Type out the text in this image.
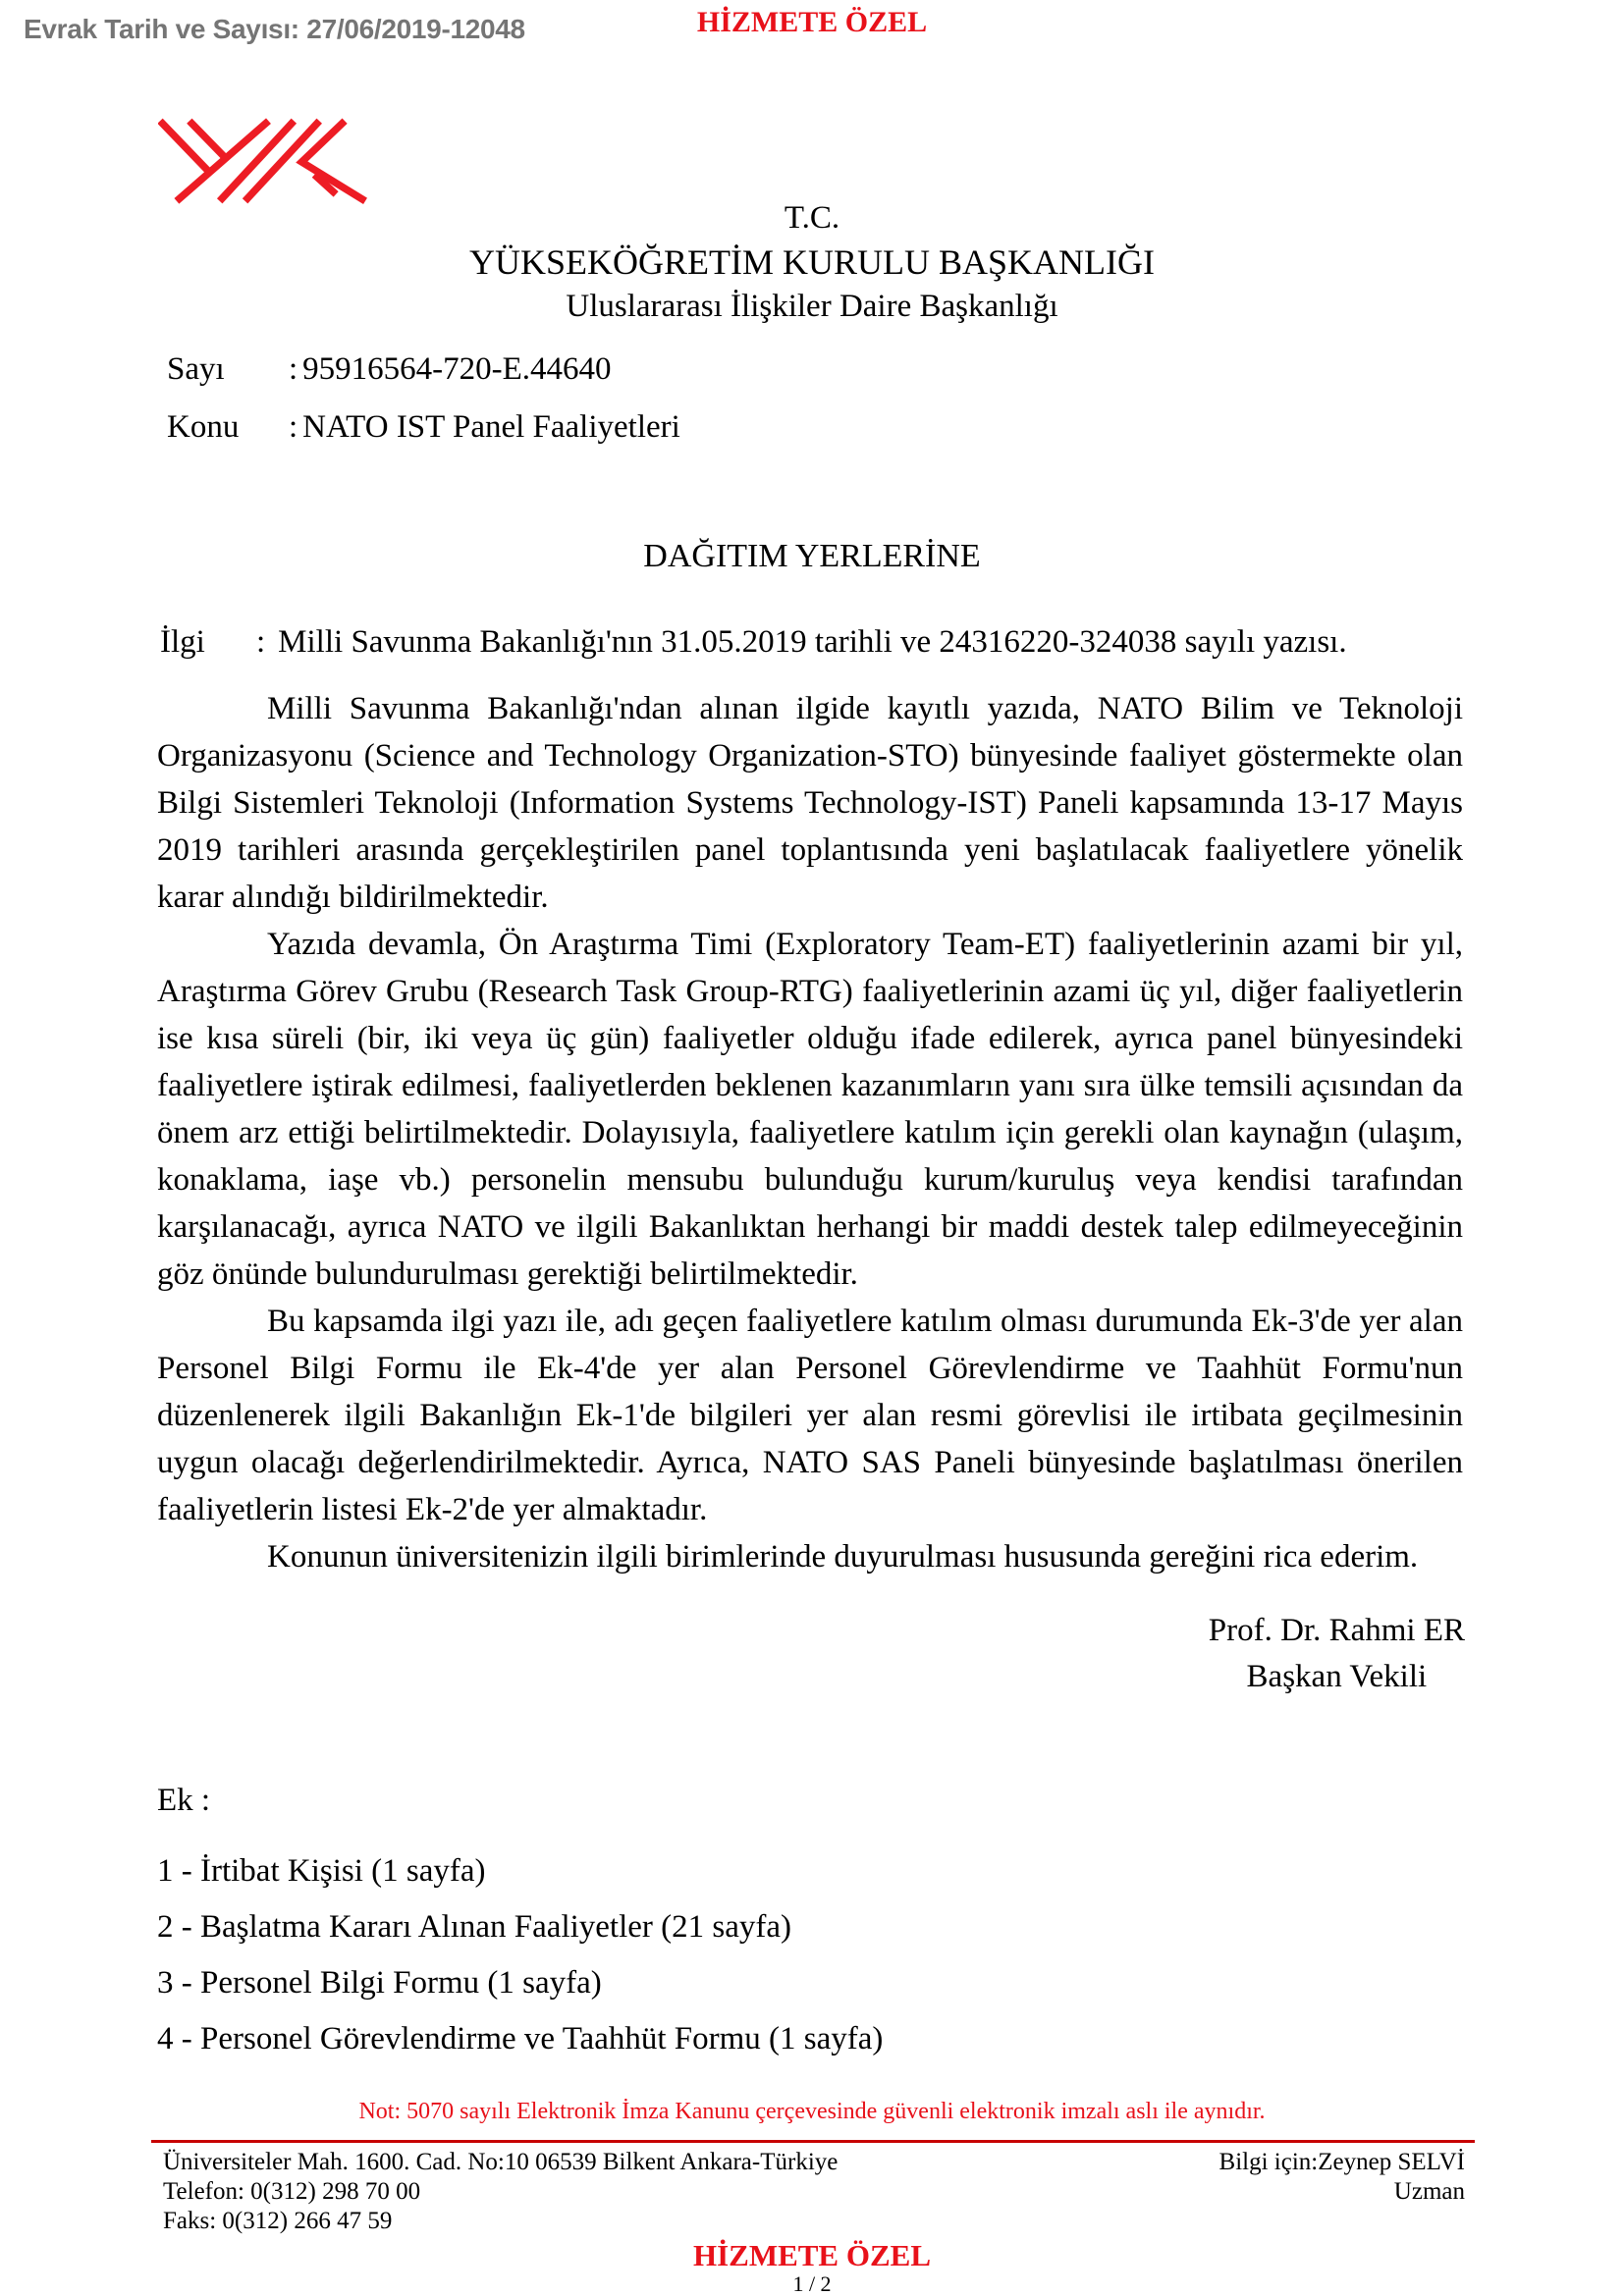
Evrak Tarih ve Sayısı: 27/06/2019-12048	HİZMETE ÖZEL
T.C.
YÜKSEKÖĞRETİM KURULU BAŞKANLIĞI
Uluslararası İlişkiler Daire Başkanlığı
Sayı : 95916564-720-E.44640
Konu : NATO IST Panel Faaliyetleri
DAĞITIM YERLERİNE
İlgi : Milli Savunma Bakanlığı'nın 31.05.2019 tarihli ve 24316220-324038 sayılı yazısı.

Milli Savunma Bakanlığı'ndan alınan ilgide kayıtlı yazıda, NATO Bilim ve Teknoloji Organizasyonu (Science and Technology Organization-STO) bünyesinde faaliyet göstermekte olan Bilgi Sistemleri Teknoloji (Information Systems Technology-IST) Paneli kapsamında 13-17 Mayıs 2019 tarihleri arasında gerçekleştirilen panel toplantısında yeni başlatılacak faaliyetlere yönelik karar alındığı bildirilmektedir.

Yazıda devamla, Ön Araştırma Timi (Exploratory Team-ET) faaliyetlerinin azami bir yıl, Araştırma Görev Grubu (Research Task Group-RTG) faaliyetlerinin azami üç yıl, diğer faaliyetlerin ise kısa süreli (bir, iki veya üç gün) faaliyetler olduğu ifade edilerek, ayrıca panel bünyesindeki faaliyetlere iştirak edilmesi, faaliyetlerden beklenen kazanımların yanı sıra ülke temsili açısından da önem arz ettiği belirtilmektedir. Dolayısıyla, faaliyetlere katılım için gerekli olan kaynağın (ulaşım, konaklama, iaşe vb.) personelin mensubu bulunduğu kurum/kuruluş veya kendisi tarafından karşılanacağı, ayrıca NATO ve ilgili Bakanlıktan herhangi bir maddi destek talep edilmeyeceğinin göz önünde bulundurulması gerektiği belirtilmektedir.

Bu kapsamda ilgi yazı ile, adı geçen faaliyetlere katılım olması durumunda Ek-3'de yer alan Personel Bilgi Formu ile Ek-4'de yer alan Personel Görevlendirme ve Taahhüt Formu'nun düzenlenerek ilgili Bakanlığın Ek-1'de bilgileri yer alan resmi görevlisi ile irtibata geçilmesinin uygun olacağı değerlendirilmektedir. Ayrıca, NATO SAS Paneli bünyesinde başlatılması önerilen faaliyetlerin listesi Ek-2'de yer almaktadır.

Konunun üniversitenizin ilgili birimlerinde duyurulması hususunda gereğini rica ederim.

Prof. Dr. Rahmi ER
Başkan Vekili
Ek :
1 - İrtibat Kişisi (1 sayfa)
2 - Başlatma Kararı Alınan Faaliyetler (21 sayfa)
3 - Personel Bilgi Formu (1 sayfa)
4 - Personel Görevlendirme ve Taahhüt Formu (1 sayfa)
Not: 5070 sayılı Elektronik İmza Kanunu çerçevesinde güvenli elektronik imzalı aslı ile aynıdır.
Üniversiteler Mah. 1600. Cad. No:10 06539 Bilkent Ankara-Türkiye
Telefon: 0(312) 298 70 00
Faks: 0(312) 266 47 59
Bilgi için:Zeynep SELVİ
Uzman
HİZMETE ÖZEL
1 / 2
